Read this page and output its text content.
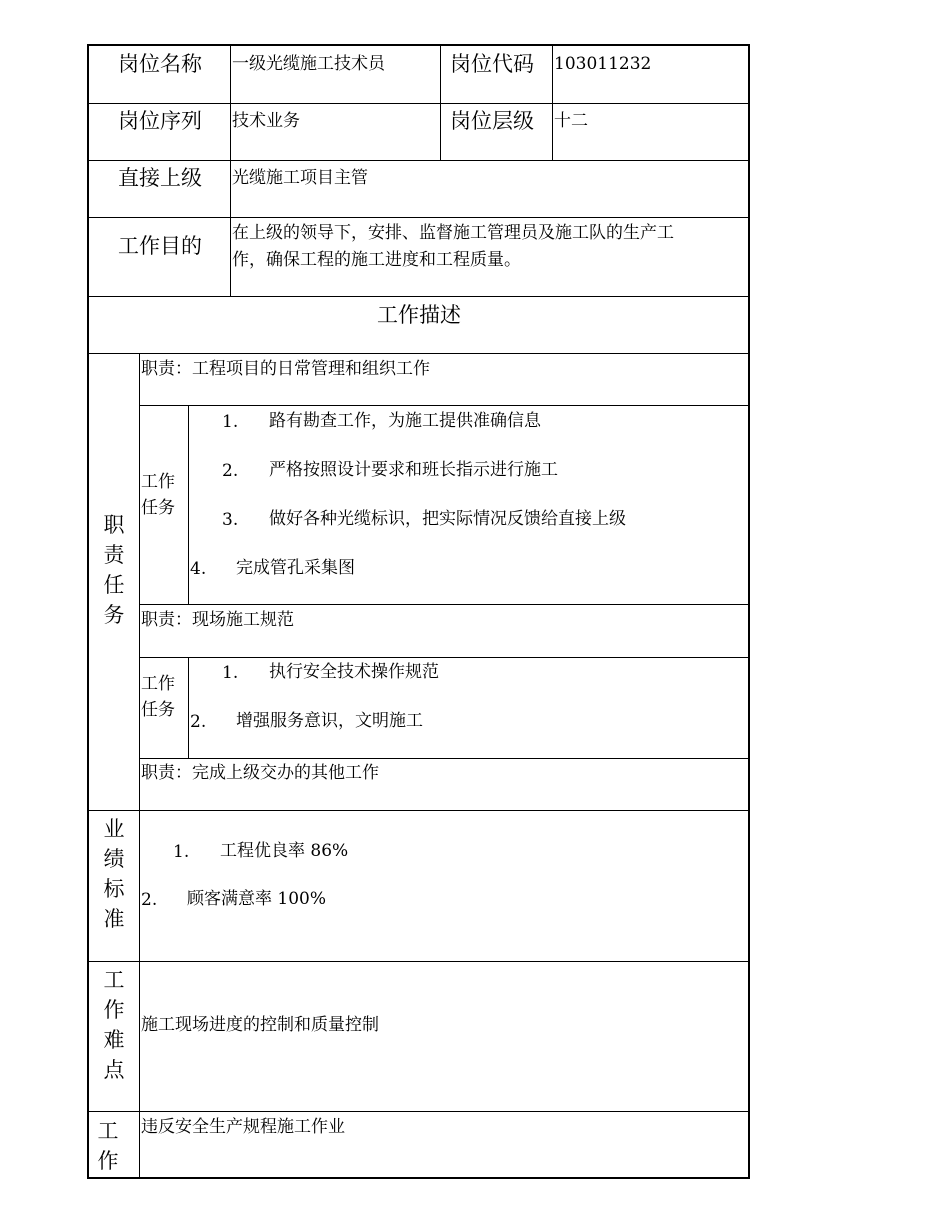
岗位名称 一级光缆施工技术员	岗位代码 103011232
岗位序列 技术业务	岗位层级 十二
直接上级 光缆施工项目主管
工作目的
在上级的领导下，安排、监督施工管理员及施工队的生产工
作，确保工程的施工进度和工程质量。
工作描述
职责任务
职责：工程项目的日常管理和组织工作
工作任务
1. 路有勘查工作，为施工提供准确信息
2. 严格按照设计要求和班长指示进行施工
3. 做好各种光缆标识，把实际情况反馈给直接上级
4. 完成管孔采集图
职责：现场施工规范
工作任务
1. 执行安全技术操作规范
2. 增强服务意识，文明施工
职责：完成上级交办的其他工作
业绩标准
1. 工程优良率 86%
2. 顾客满意率 100%
工作难点
施工现场进度的控制和质量控制
工作
违反安全生产规程施工作业
